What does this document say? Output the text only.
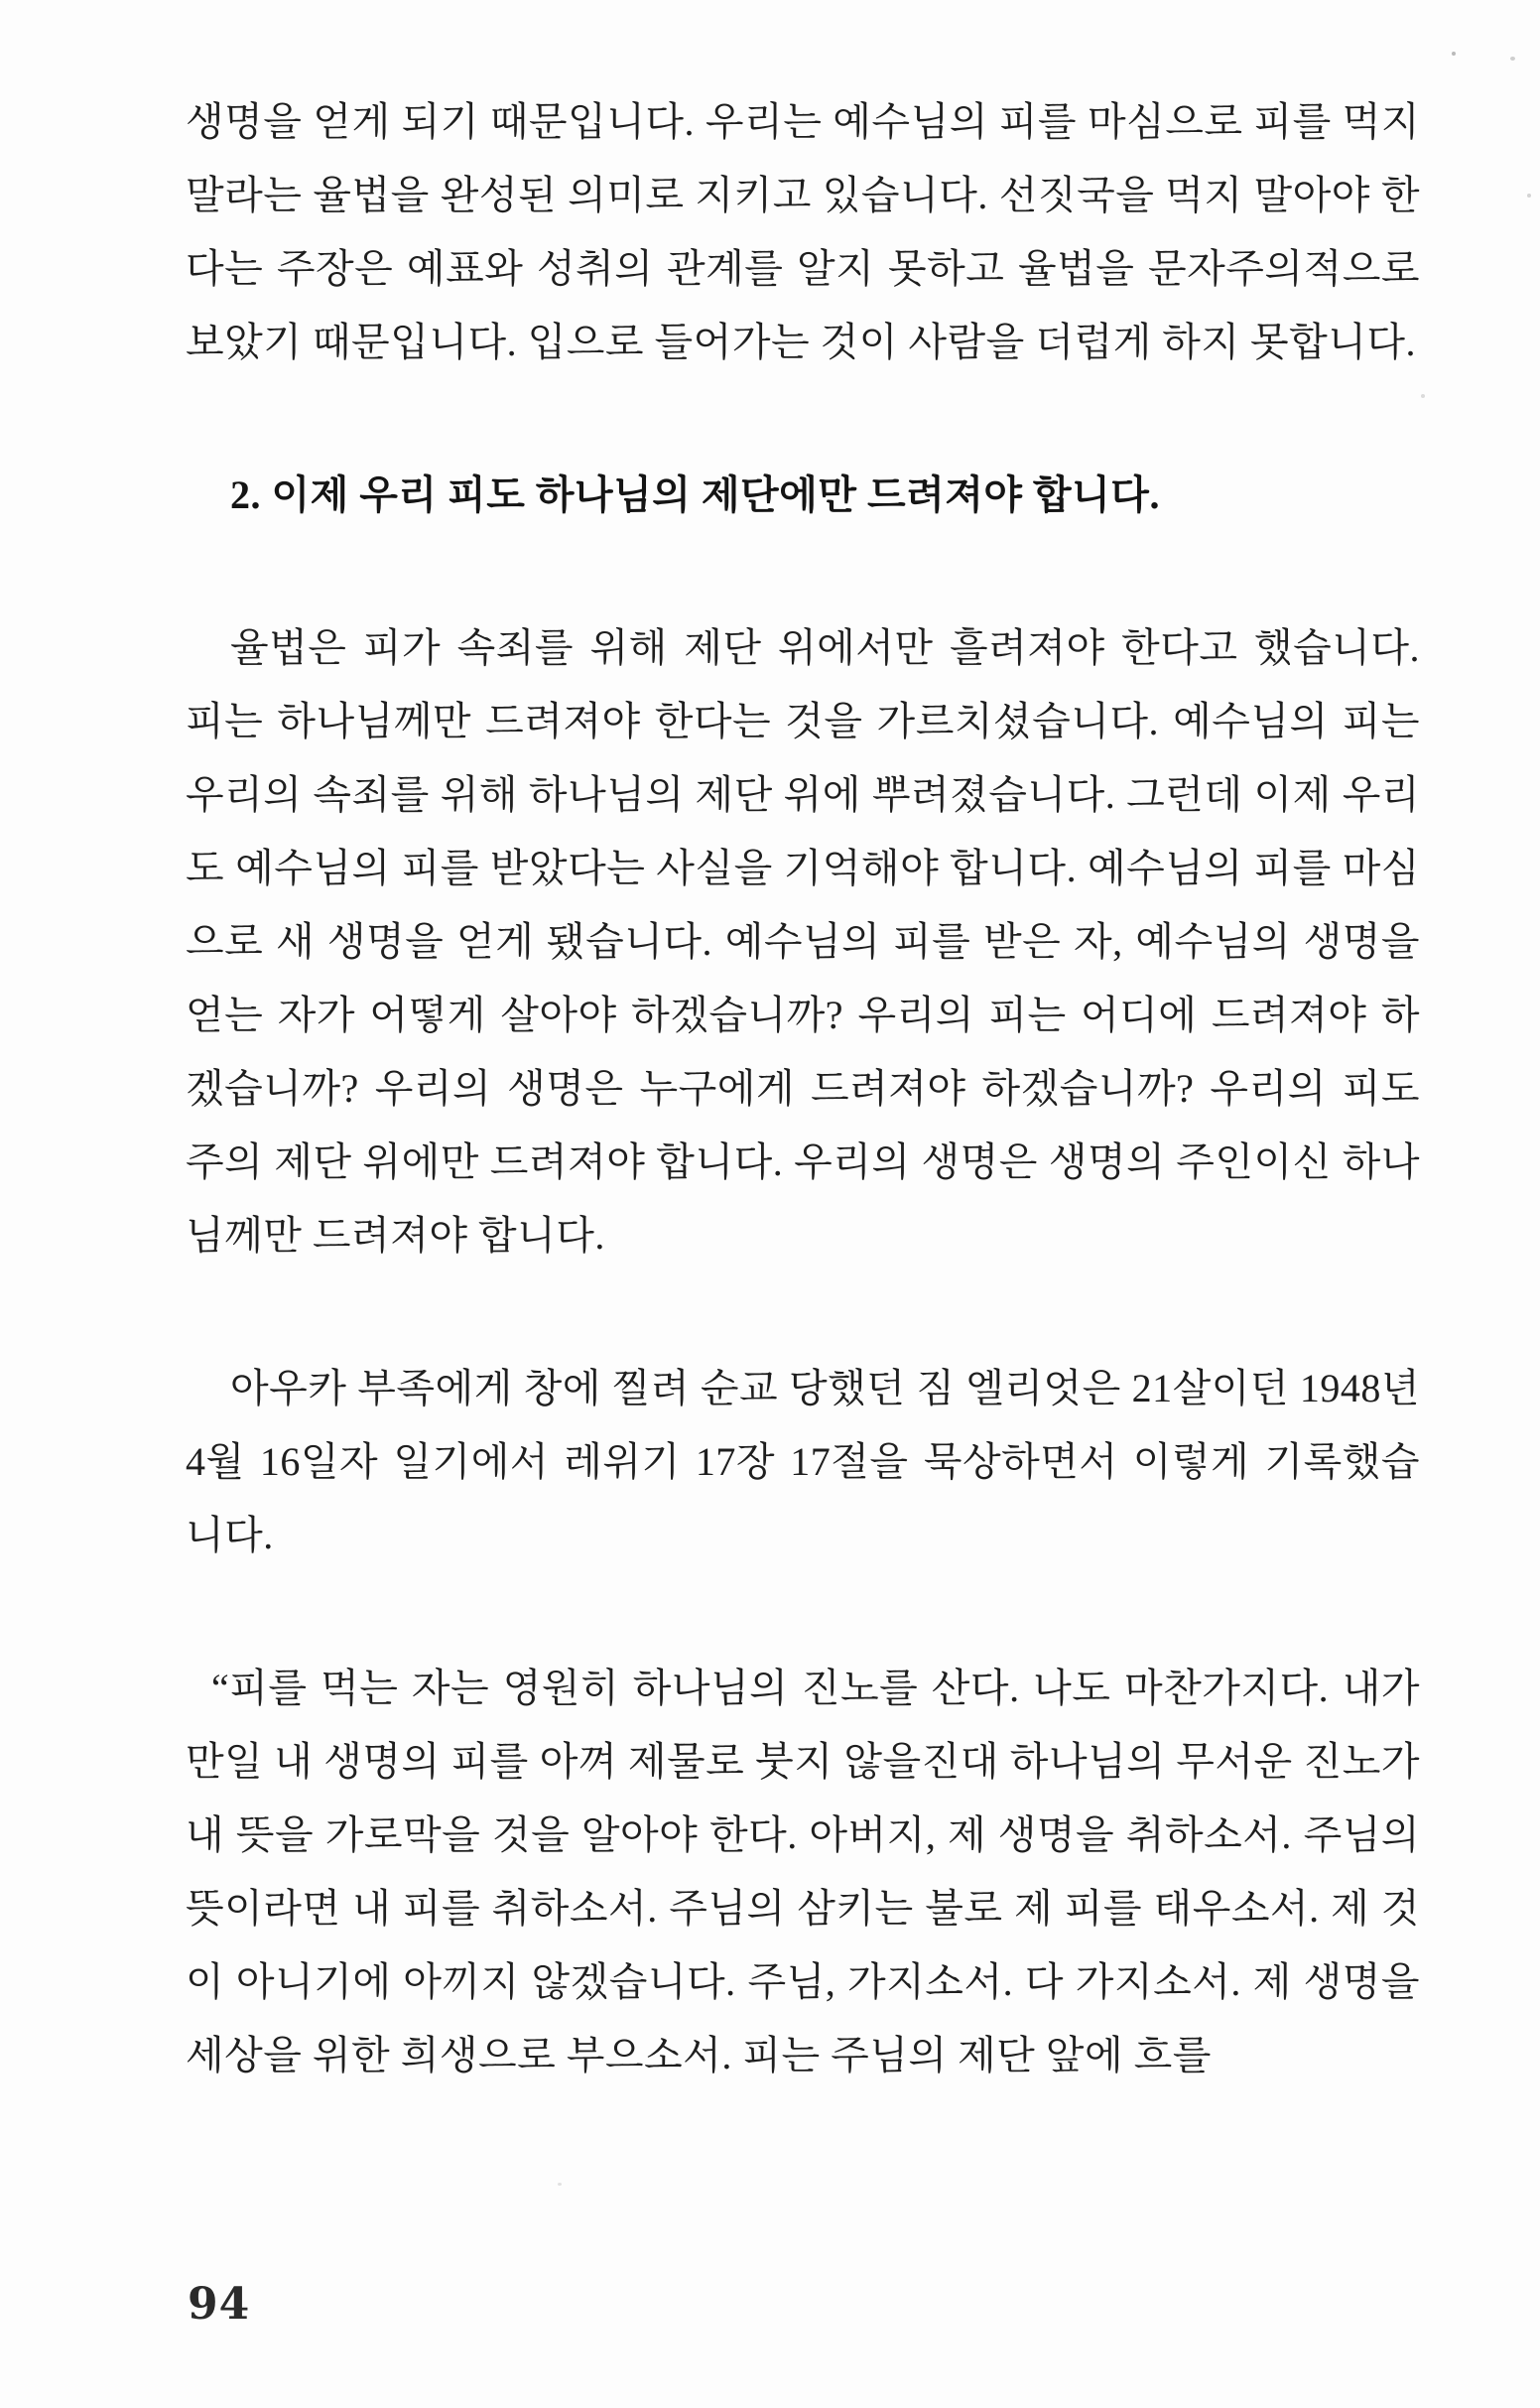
생명을 얻게 되기 때문입니다. 우리는 예수님의 피를 마심으로 피를 먹지 말라는 율법을 완성된 의미로 지키고 있습니다. 선짓국을 먹지 말아야 한다는 주장은 예표와 성취의 관계를 알지 못하고 율법을 문자주의적으로 보았기 때문입니다. 입으로 들어가는 것이 사람을 더럽게 하지 못합니다.

2. 이제 우리 피도 하나님의 제단에만 드려져야 합니다.

율법은 피가 속죄를 위해 제단 위에서만 흘려져야 한다고 했습니다. 피는 하나님께만 드려져야 한다는 것을 가르치셨습니다. 예수님의 피는 우리의 속죄를 위해 하나님의 제단 위에 뿌려졌습니다. 그런데 이제 우리도 예수님의 피를 받았다는 사실을 기억해야 합니다. 예수님의 피를 마심으로 새 생명을 얻게 됐습니다. 예수님의 피를 받은 자, 예수님의 생명을 얻는 자가 어떻게 살아야 하겠습니까? 우리의 피는 어디에 드려져야 하겠습니까? 우리의 생명은 누구에게 드려져야 하겠습니까? 우리의 피도 주의 제단 위에만 드려져야 합니다. 우리의 생명은 생명의 주인이신 하나님께만 드려져야 합니다.

아우카 부족에게 창에 찔려 순교 당했던 짐 엘리엇은 21살이던 1948년 4월 16일자 일기에서 레위기 17장 17절을 묵상하면서 이렇게 기록했습니다.

“피를 먹는 자는 영원히 하나님의 진노를 산다. 나도 마찬가지다. 내가 만일 내 생명의 피를 아껴 제물로 붓지 않을진대 하나님의 무서운 진노가 내 뜻을 가로막을 것을 알아야 한다. 아버지, 제 생명을 취하소서. 주님의 뜻이라면 내 피를 취하소서. 주님의 삼키는 불로 제 피를 태우소서. 제 것이 아니기에 아끼지 않겠습니다. 주님, 가지소서. 다 가지소서. 제 생명을 세상을 위한 희생으로 부으소서. 피는 주님의 제단 앞에 흐를

94
